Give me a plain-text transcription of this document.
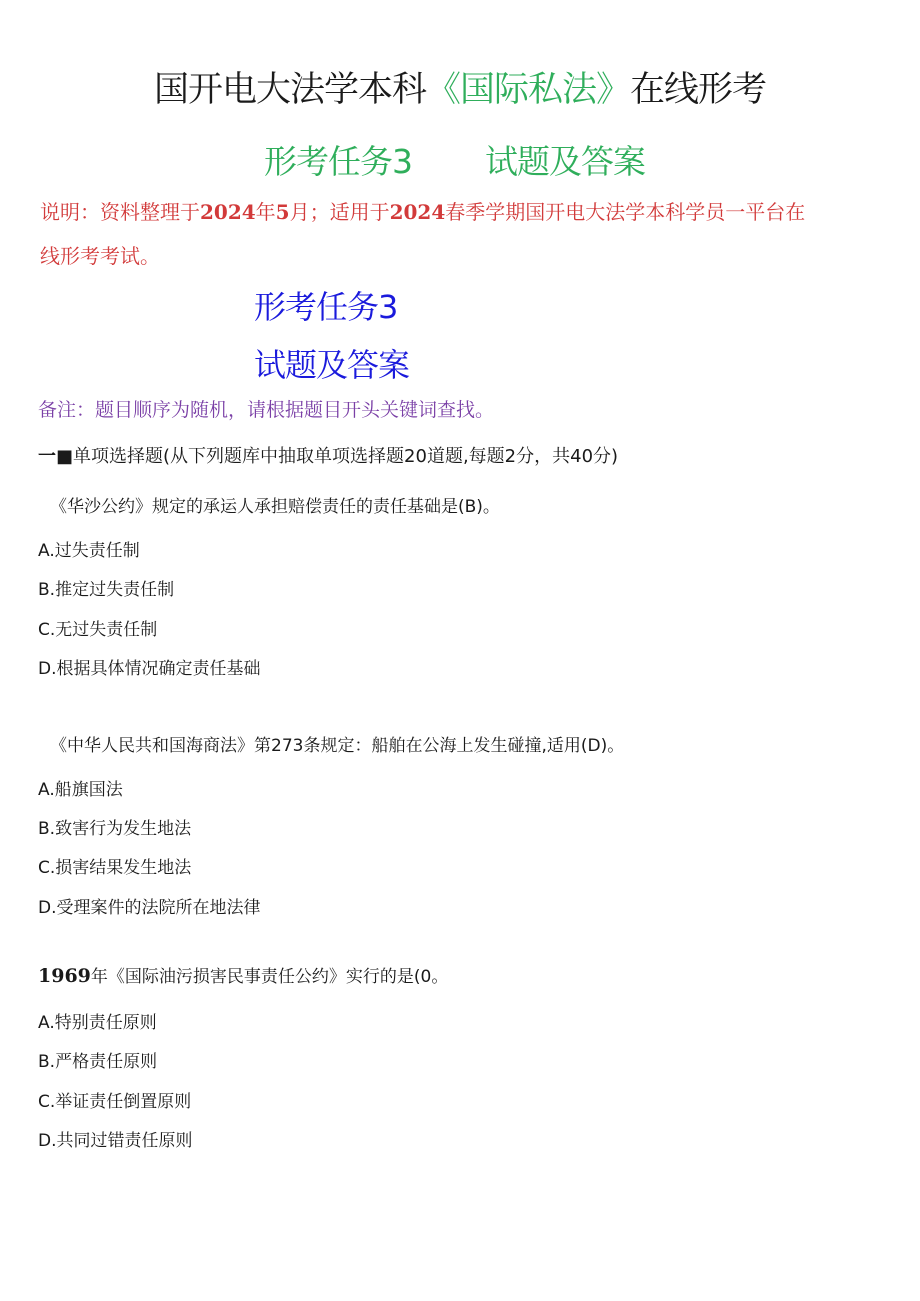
国开电大法学本科《国际私法》在线形考
形考任务3 试题及答案
说明：资料整理于2024年5月；适用于2024春季学期国开电大法学本科学员一平台在
线形考考试。
形考任务3
试题及答案
备注：题目顺序为随机，请根据题目开头关键词查找。
一■单项选择题(从下列题库中抽取单项选择题20道题,每题2分，共40分)
《华沙公约》规定的承运人承担赔偿责任的责任基础是(B)。
A.过失责任制
B.推定过失责任制
C.无过失责任制
D.根据具体情况确定责任基础
《中华人民共和国海商法》第273条规定：船舶在公海上发生碰撞,适用(D)。
A.船旗国法
B.致害行为发生地法
C.损害结果发生地法
D.受理案件的法院所在地法律
1969年《国际油污损害民事责任公约》实行的是(0。
A.特别责任原则
B.严格责任原则
C.举证责任倒置原则
D.共同过错责任原则
